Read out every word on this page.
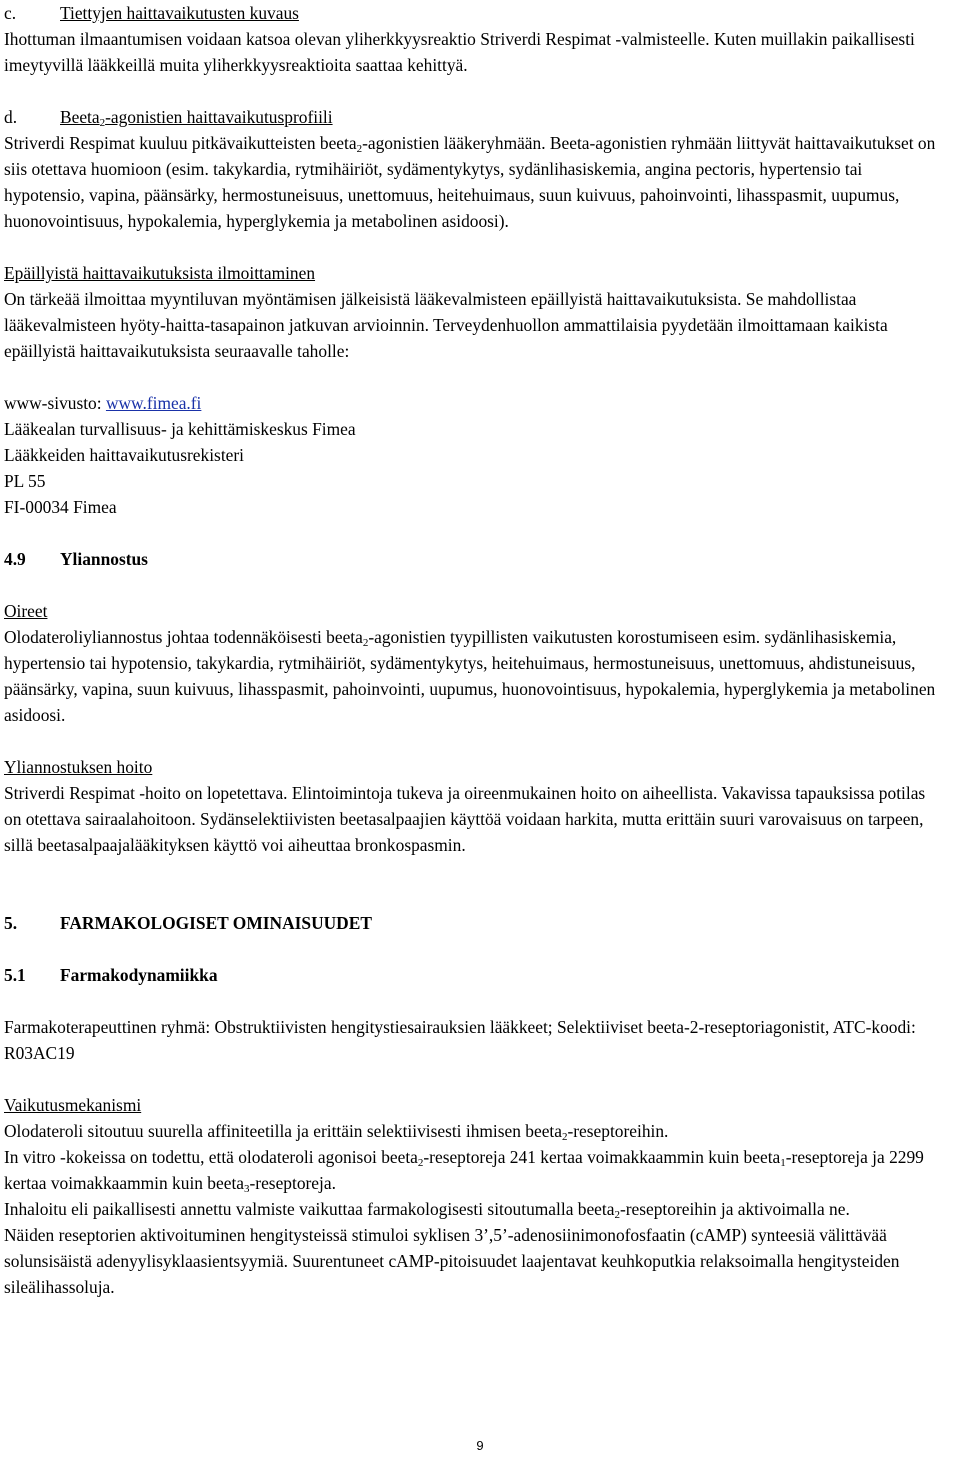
c.	Tiettyjen haittavaikutusten kuvaus

Ihottuman ilmaantumisen voidaan katsoa olevan yliherkkyysreaktio Striverdi Respimat -valmisteelle. Kuten muillakin paikallisesti imeytyvillä lääkkeillä muita yliherkkyysreaktioita saattaa kehittyä.

d. Beeta$_2$-agonistien haittavaikutusprofiili

Striverdi Respimat kuuluu pitkävaikutteisten beeta$_2$-agonistien lääkeryhmään. Beeta-agonistien ryhmään liittyvät haittavaikutukset on siis otettava huomioon (esim. takykardia, rytmihäiriöt, sydämentykytys, sydänlihasiskemia, angina pectoris, hypertensio tai hypotensio, vapina, päänsärky, hermostuneisuus, unettomuus, heitehuimaus, suun kuivuus, pahoinvointi, lihasspasmit, uupumus, huonovointisuus, hypokalemia, hyperglykemia ja metabolinen asidoosi).

Epäillyistä haittavaikutuksista ilmoittaminen

On tärkeää ilmoittaa myyntiluvan myöntämisen jälkeisistä lääkevalmisteen epäillyistä haittavaikutuksista. Se mahdollistaa lääkevalmisteen hyöty-haitta-tasapainon jatkuvan arvioinnin. Terveydenhuollon ammattilaisia pyydetään ilmoittamaan kaikista epäillyistä haittavaikutuksista seuraavalle taholle:

www-sivusto: www.fimea.fi

Lääkealan turvallisuus- ja kehittämiskeskus Fimea

Lääkkeiden haittavaikutusrekisteri

PL 55

FI-00034 Fimea

4.9 Yliannostus

Oireet

Olodateroliyliannostus johtaa todennäköisesti beeta$_2$-agonistien tyypillisten vaikutusten korostumiseen esim. sydänlihasiskemia, hypertensio tai hypotensio, takykardia, rytmihäiriöt, sydämentykytys, heitehuimaus, hermostuneisuus, unettomuus, ahdistuneisuus, päänsärky, vapina, suun kuivuus, lihasspasmit, pahoinvointi, uupumus, huonovointisuus, hypokalemia, hyperglykemia ja metabolinen asidoosi.

Yliannostuksen hoito

Striverdi Respimat -hoito on lopetettava. Elintoimintoja tukeva ja oireenmukainen hoito on aiheellista. Vakavissa tapauksissa potilas on otettava sairaalahoitoon. Sydänselektiivisten beetasalpaajien käyttöä voidaan harkita, mutta erittäin suuri varovaisuus on tarpeen, sillä beetasalpaajalääkityksen käyttö voi aiheuttaa bronkospasmin.

5. FARMAKOLOGISET OMINAISUUDET

5.1 Farmakodynamiikka

Farmakoterapeuttinen ryhmä: Obstruktiivisten hengitystiesairauksien lääkkeet; Selektiiviset beeta-2-reseptoriagonistit, ATC-koodi: R03AC19

Vaikutusmekanismi

Olodateroli sitoutuu suurella affiniteetilla ja erittäin selektiivisesti ihmisen beeta$_2$-reseptoreihin.

In vitro -kokeissa on todettu, että olodateroli agonisoi beeta$_2$-reseptoreja 241 kertaa voimakkaammin kuin beeta$_1$-reseptoreja ja 2299 kertaa voimakkaammin kuin beeta$_3$-reseptoreja.

Inhaloitu eli paikallisesti annettu valmiste vaikuttaa farmakologisesti sitoutumalla beeta$_2$-reseptoreihin ja aktivoimalla ne.

Näiden reseptorien aktivoituminen hengitysteissä stimuloi syklisen 3’,5’-adenosiinimonofosfaatin (cAMP) synteesiä välittävää solunsisäistä adenyylisyklaasientsyymiä. Suurentuneet cAMP-pitoisuudet laajentavat keuhkoputkia relaksoimalla hengitysteiden sileälihassoluja.

9
